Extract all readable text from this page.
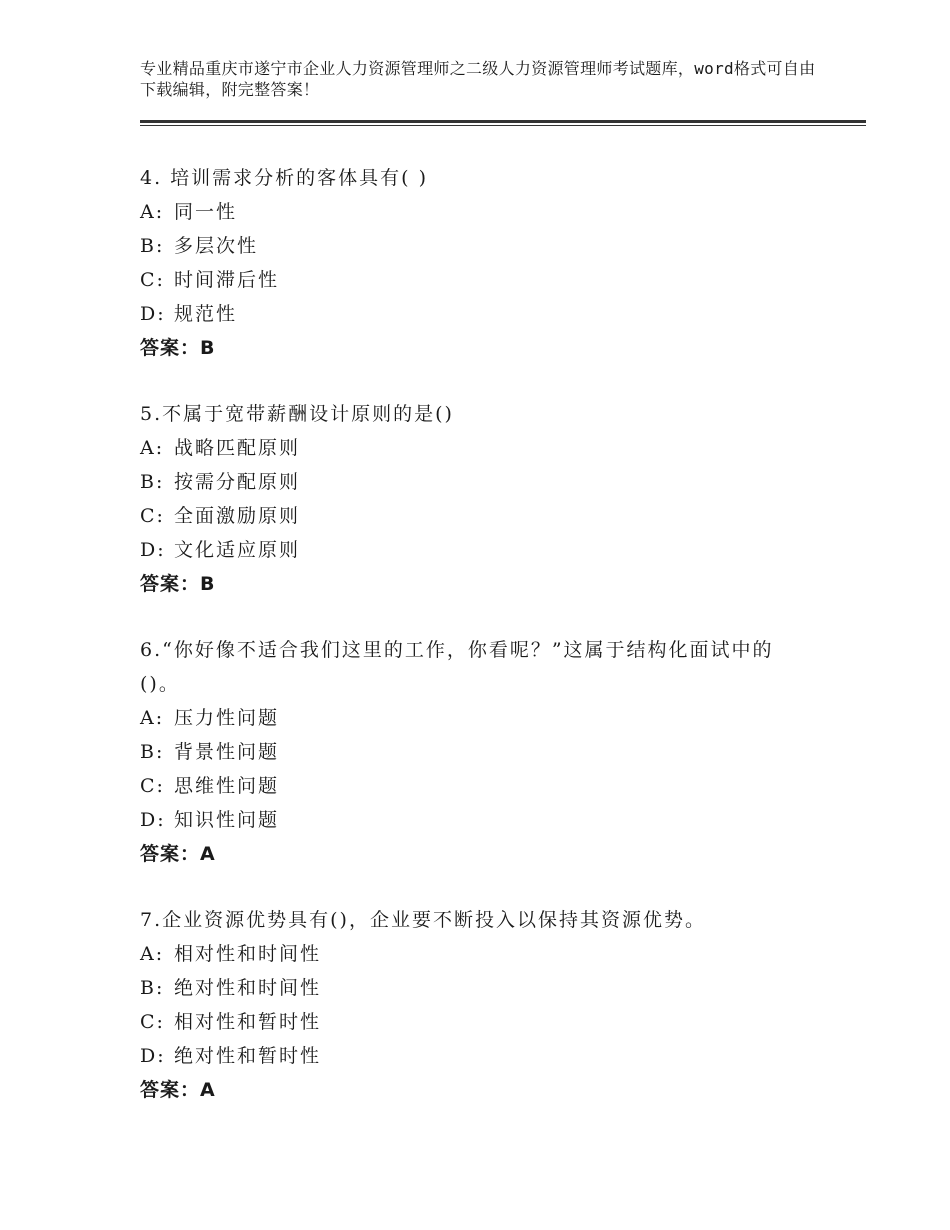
专业精品重庆市遂宁市企业人力资源管理师之二级人力资源管理师考试题库，word格式可自由下载编辑，附完整答案！
4. 培训需求分析的客体具有( )
A: 同一性
B: 多层次性
C: 时间滞后性
D: 规范性
答案：B
5.不属于宽带薪酬设计原则的是()
A: 战略匹配原则
B: 按需分配原则
C: 全面激励原则
D: 文化适应原则
答案：B
6.“你好像不适合我们这里的工作，你看呢？”这属于结构化面试中的()。
A: 压力性问题
B: 背景性问题
C: 思维性问题
D: 知识性问题
答案：A
7.企业资源优势具有()，企业要不断投入以保持其资源优势。
A: 相对性和时间性
B: 绝对性和时间性
C: 相对性和暂时性
D: 绝对性和暂时性
答案：A
